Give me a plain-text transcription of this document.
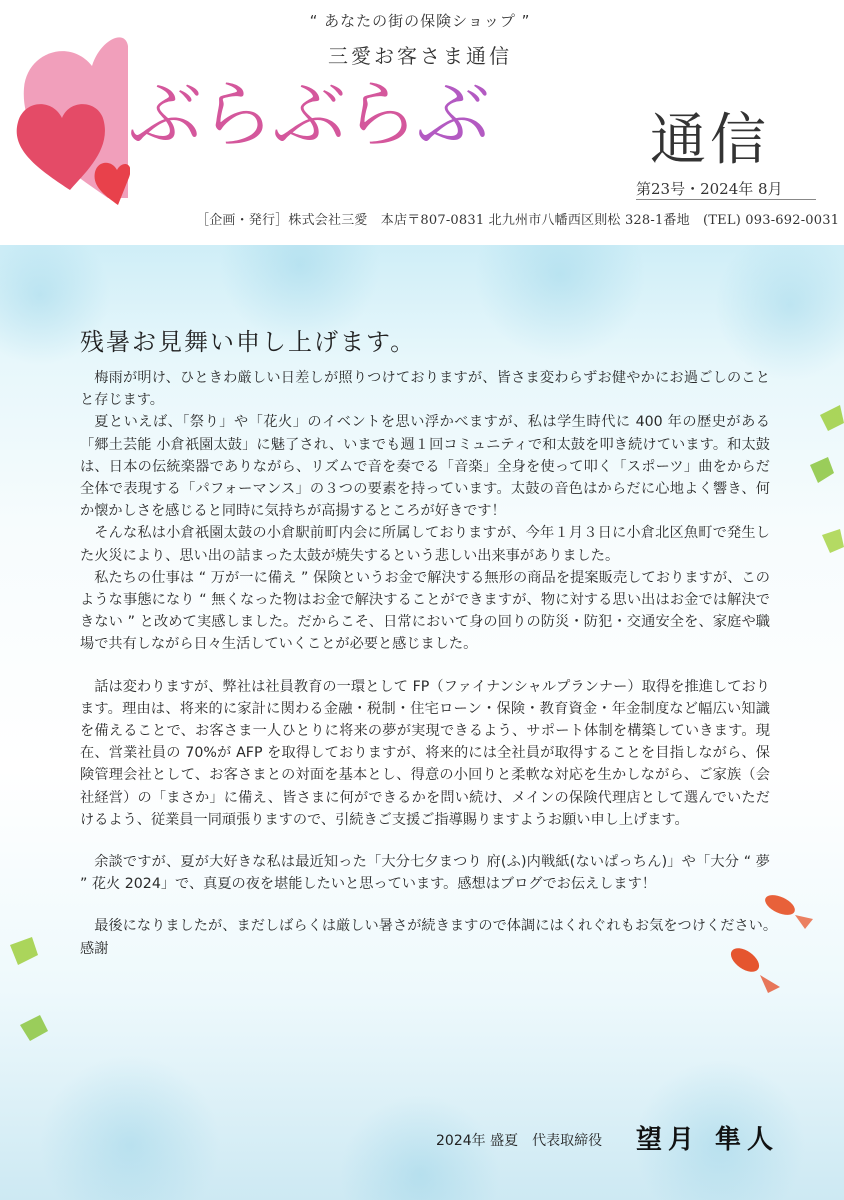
“ あなたの街の保険ショップ ”
三愛お客さま通信
ぶらぶらぶ	通信
第23号・2024年 8月
［企画・発行］株式会社三愛　本店〒807-0831 北九州市八幡西区則松 328-1番地　(TEL) 093-692-0031
残暑お見舞い申し上げます。

梅雨が明け、ひときわ厳しい日差しが照りつけておりますが、皆さま変わらずお健やかにお過ごしのことと存じます。

夏といえば、「祭り」や「花火」のイベントを思い浮かべますが、私は学生時代に 400 年の歴史がある「郷土芸能 小倉祇園太鼓」に魅了され、いまでも週１回コミュニティで和太鼓を叩き続けています。和太鼓は、日本の伝統楽器でありながら、リズムで音を奏でる「音楽」全身を使って叩く「スポーツ」曲をからだ全体で表現する「パフォーマンス」の３つの要素を持っています。太鼓の音色はからだに心地よく響き、何か懐かしさを感じると同時に気持ちが高揚するところが好きです！

そんな私は小倉祇園太鼓の小倉駅前町内会に所属しておりますが、今年１月３日に小倉北区魚町で発生した火災により、思い出の詰まった太鼓が焼失するという悲しい出来事がありました。

私たちの仕事は “ 万が一に備え ” 保険というお金で解決する無形の商品を提案販売しておりますが、このような事態になり “ 無くなった物はお金で解決することができますが、物に対する思い出はお金では解決できない ” と改めて実感しました。だからこそ、日常において身の回りの防災・防犯・交通安全を、家庭や職場で共有しながら日々生活していくことが必要と感じました。

話は変わりますが、弊社は社員教育の一環として FP（ファイナンシャルプランナー）取得を推進しております。理由は、将来的に家計に関わる金融・税制・住宅ローン・保険・教育資金・年金制度など幅広い知識を備えることで、お客さま一人ひとりに将来の夢が実現できるよう、サポート体制を構築していきます。現在、営業社員の 70%が AFP を取得しておりますが、将来的には全社員が取得することを目指しながら、保険管理会社として、お客さまとの対面を基本とし、得意の小回りと柔軟な対応を生かしながら、ご家族（会社経営）の「まさか」に備え、皆さまに何ができるかを問い続け、メインの保険代理店として選んでいただけるよう、従業員一同頑張りますので、引続きご支援ご指導賜りますようお願い申し上げます。

余談ですが、夏が大好きな私は最近知った「大分七夕まつり 府(ふ)内戦紙(ないぱっちん)」や「大分 “ 夢 ” 花火 2024」で、真夏の夜を堪能したいと思っています。感想はブログでお伝えします！

最後になりましたが、まだしばらくは厳しい暑さが続きますので体調にはくれぐれもお気をつけください。　感謝

2024年 盛夏　代表取締役 望月 隼人
